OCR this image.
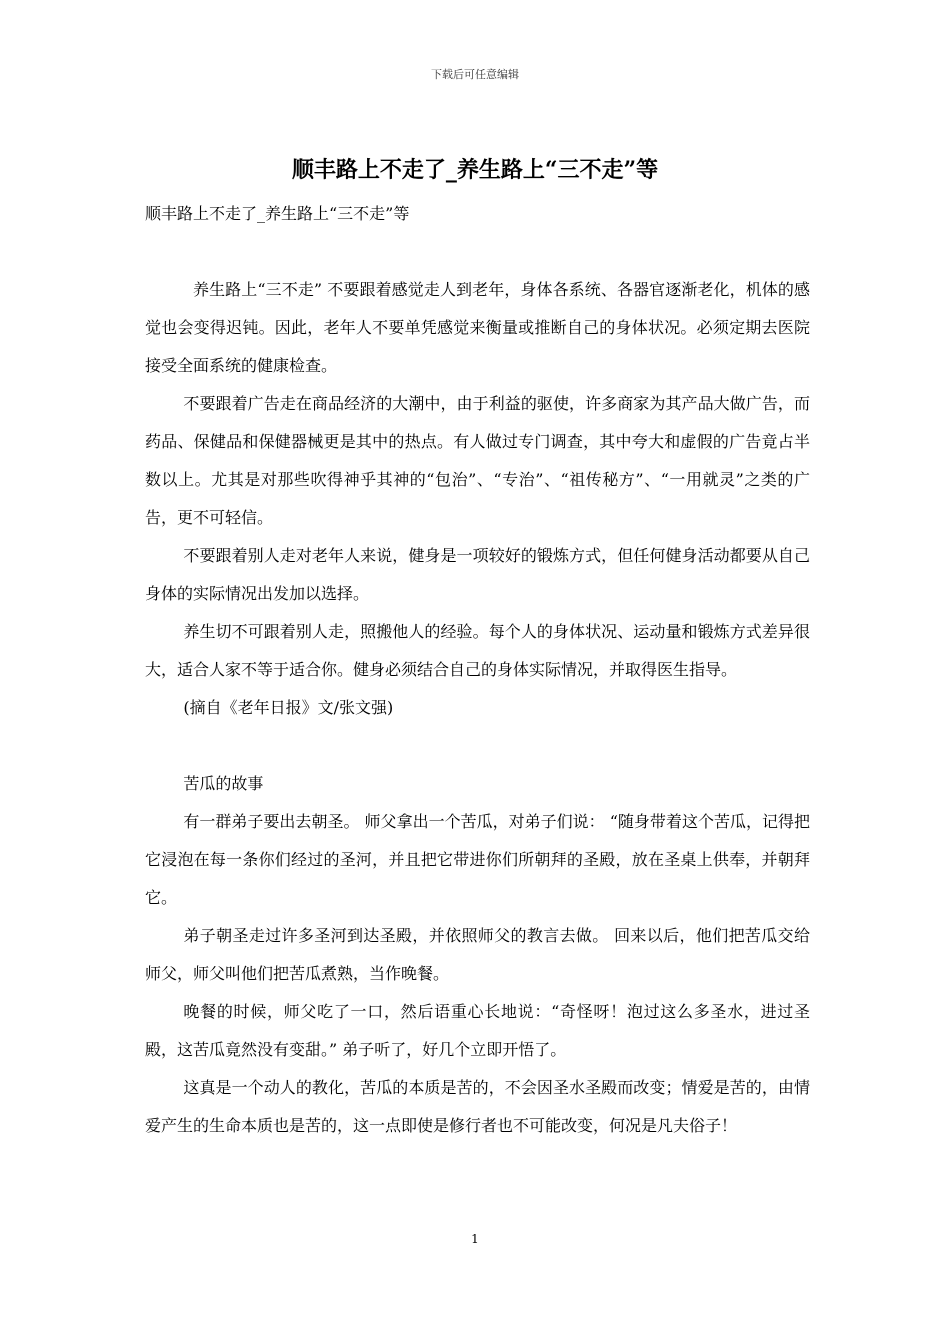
下载后可任意编辑
顺丰路上不走了_养生路上“三不走”等
顺丰路上不走了_养生路上“三不走”等

养生路上“三不走” 不要跟着感觉走人到老年，身体各系统、各器官逐渐老化，机体的感觉也会变得迟钝。因此，老年人不要单凭感觉来衡量或推断自己的身体状况。必须定期去医院接受全面系统的健康检查。

不要跟着广告走在商品经济的大潮中，由于利益的驱使，许多商家为其产品大做广告，而药品、保健品和保健器械更是其中的热点。有人做过专门调查，其中夸大和虚假的广告竟占半数以上。尤其是对那些吹得神乎其神的“包治”、“专治”、“祖传秘方”、“一用就灵”之类的广告，更不可轻信。

不要跟着别人走对老年人来说，健身是一项较好的锻炼方式，但任何健身活动都要从自己身体的实际情况出发加以选择。

养生切不可跟着别人走，照搬他人的经验。每个人的身体状况、运动量和锻炼方式差异很大，适合人家不等于适合你。健身必须结合自己的身体实际情况，并取得医生指导。

(摘自《老年日报》文/张文强)

苦瓜的故事

有一群弟子要出去朝圣。 师父拿出一个苦瓜，对弟子们说： “随身带着这个苦瓜，记得把它浸泡在每一条你们经过的圣河，并且把它带进你们所朝拜的圣殿，放在圣桌上供奉，并朝拜它。

弟子朝圣走过许多圣河到达圣殿，并依照师父的教言去做。 回来以后，他们把苦瓜交给师父，师父叫他们把苦瓜煮熟，当作晚餐。

晚餐的时候，师父吃了一口，然后语重心长地说：“奇怪呀！泡过这么多圣水，进过圣殿，这苦瓜竟然没有变甜。” 弟子听了，好几个立即开悟了。

这真是一个动人的教化，苦瓜的本质是苦的，不会因圣水圣殿而改变；情爱是苦的，由情爱产生的生命本质也是苦的，这一点即使是修行者也不可能改变，何况是凡夫俗子！

1
